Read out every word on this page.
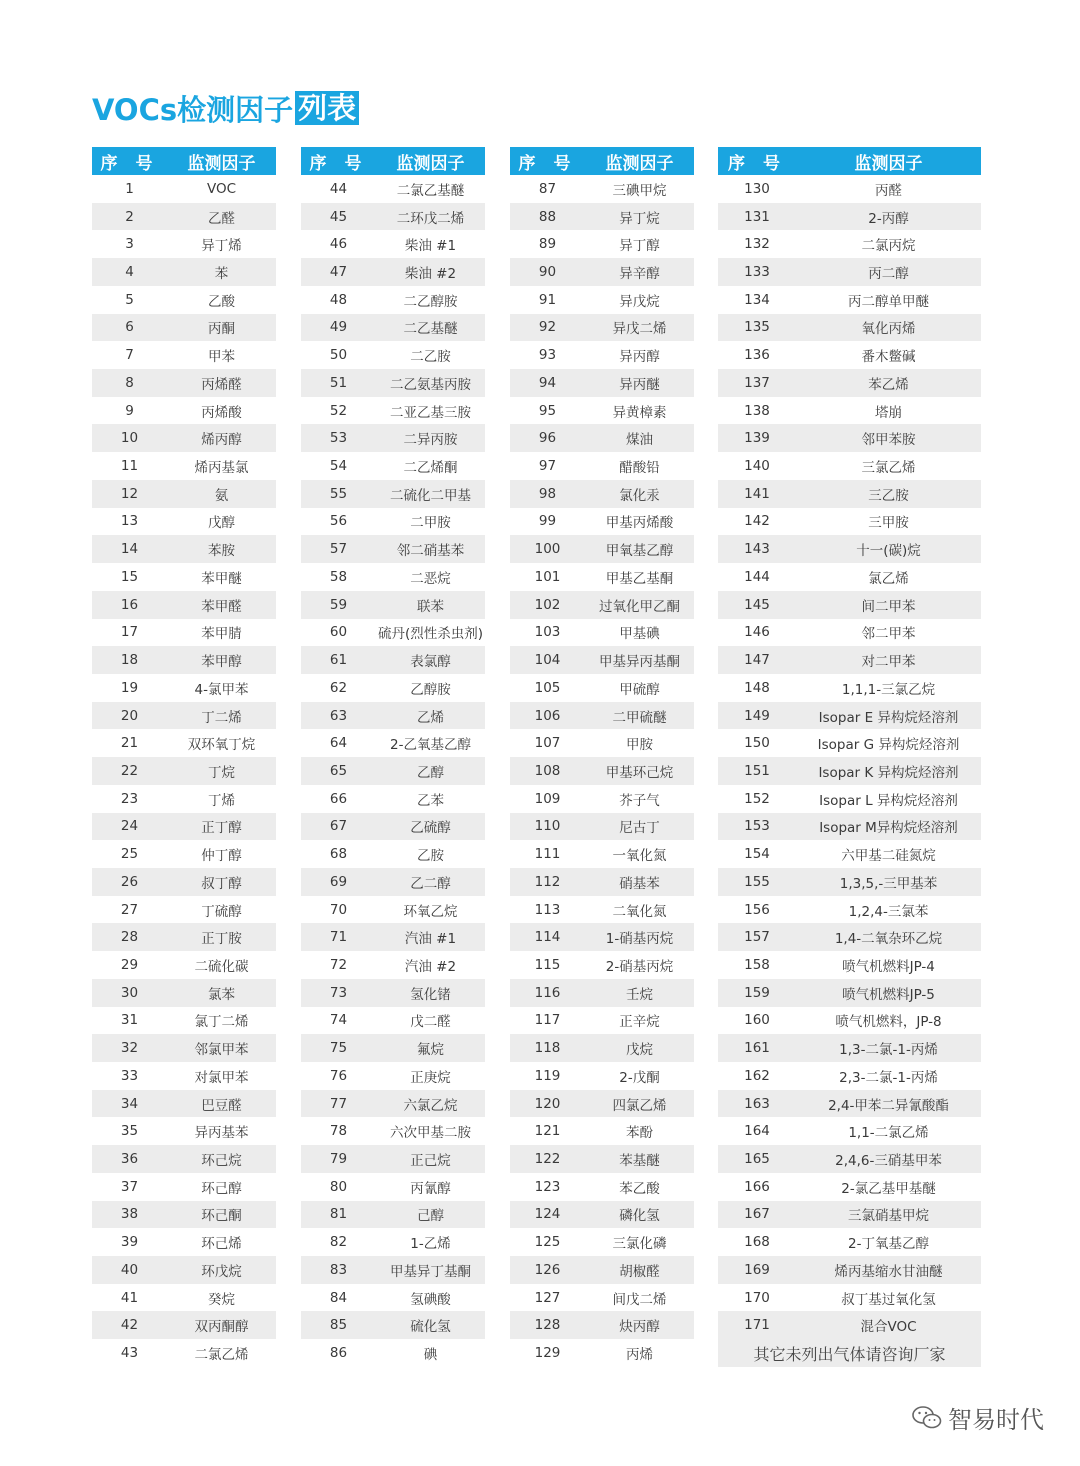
VOCs检测因子 列表
序 号	监测因子
1	VOC
2	乙醛
3	异丁烯
4	苯
5	乙酸
6	丙酮
7	甲苯
8	丙烯醛
9	丙烯酸
10	烯丙醇
11	烯丙基氯
12	氨
13	戊醇
14	苯胺
15	苯甲醚
16	苯甲醛
17	苯甲腈
18	苯甲醇
19	4-氯甲苯
20	丁二烯
21	双环氧丁烷
22	丁烷
23	丁烯
24	正丁醇
25	仲丁醇
26	叔丁醇
27	丁硫醇
28	正丁胺
29	二硫化碳
30	氯苯
31	氯丁二烯
32	邻氯甲苯
33	对氯甲苯
34	巴豆醛
35	异丙基苯
36	环己烷
37	环己醇
38	环己酮
39	环己烯
40	环戊烷
41	癸烷
42	双丙酮醇
43	二氯乙烯
序 号	监测因子
44	二氯乙基醚
45	二环戊二烯
46	柴油 #1
47	柴油 #2
48	二乙醇胺
49	二乙基醚
50	二乙胺
51	二乙氨基丙胺
52	二亚乙基三胺
53	二异丙胺
54	二乙烯酮
55	二硫化二甲基
56	二甲胺
57	邻二硝基苯
58	二恶烷
59	联苯
60	硫丹(烈性杀虫剂)
61	表氯醇
62	乙醇胺
63	乙烯
64	2-乙氧基乙醇
65	乙醇
66	乙苯
67	乙硫醇
68	乙胺
69	乙二醇
70	环氧乙烷
71	汽油 #1
72	汽油 #2
73	氢化锗
74	戊二醛
75	氟烷
76	正庚烷
77	六氯乙烷
78	六次甲基二胺
79	正己烷
80	丙氰醇
81	己醇
82	1-乙烯
83	甲基异丁基酮
84	氢碘酸
85	硫化氢
86	碘
序 号	监测因子
87	三碘甲烷
88	异丁烷
89	异丁醇
90	异辛醇
91	异戊烷
92	异戊二烯
93	异丙醇
94	异丙醚
95	异黄樟素
96	煤油
97	醋酸铅
98	氯化汞
99	甲基丙烯酸
100	甲氧基乙醇
101	甲基乙基酮
102	过氧化甲乙酮
103	甲基碘
104	甲基异丙基酮
105	甲硫醇
106	二甲硫醚
107	甲胺
108	甲基环己烷
109	芥子气
110	尼古丁
111	一氧化氮
112	硝基苯
113	二氧化氮
114	1-硝基丙烷
115	2-硝基丙烷
116	壬烷
117	正辛烷
118	戊烷
119	2-戊酮
120	四氯乙烯
121	苯酚
122	苯基醚
123	苯乙酸
124	磷化氢
125	三氯化磷
126	胡椒醛
127	间戊二烯
128	炔丙醇
129	丙烯
序 号	监测因子
130	丙醛
131	2-丙醇
132	二氯丙烷
133	丙二醇
134	丙二醇单甲醚
135	氧化丙烯
136	番木鳖碱
137	苯乙烯
138	塔崩
139	邻甲苯胺
140	三氯乙烯
141	三乙胺
142	三甲胺
143	十一(碳)烷
144	氯乙烯
145	间二甲苯
146	邻二甲苯
147	对二甲苯
148	1,1,1-三氯乙烷
149	Isopar E 异构烷烃溶剂
150	Isopar G 异构烷烃溶剂
151	Isopar K 异构烷烃溶剂
152	Isopar L 异构烷烃溶剂
153	Isopar M异构烷烃溶剂
154	六甲基二硅氮烷
155	1,3,5,-三甲基苯
156	1,2,4-三氯苯
157	1,4-二氧杂环乙烷
158	喷气机燃料JP-4
159	喷气机燃料JP-5
160	喷气机燃料，JP-8
161	1,3-二氯-1-丙烯
162	2,3-二氯-1-丙烯
163	2,4-甲苯二异氰酸酯
164	1,1-二氯乙烯
165	2,4,6-三硝基甲苯
166	2-氯乙基甲基醚
167	三氯硝基甲烷
168	2-丁氧基乙醇
169	烯丙基缩水甘油醚
170	叔丁基过氧化氢
171	混合VOC
其它未列出气体请咨询厂家
智易时代
